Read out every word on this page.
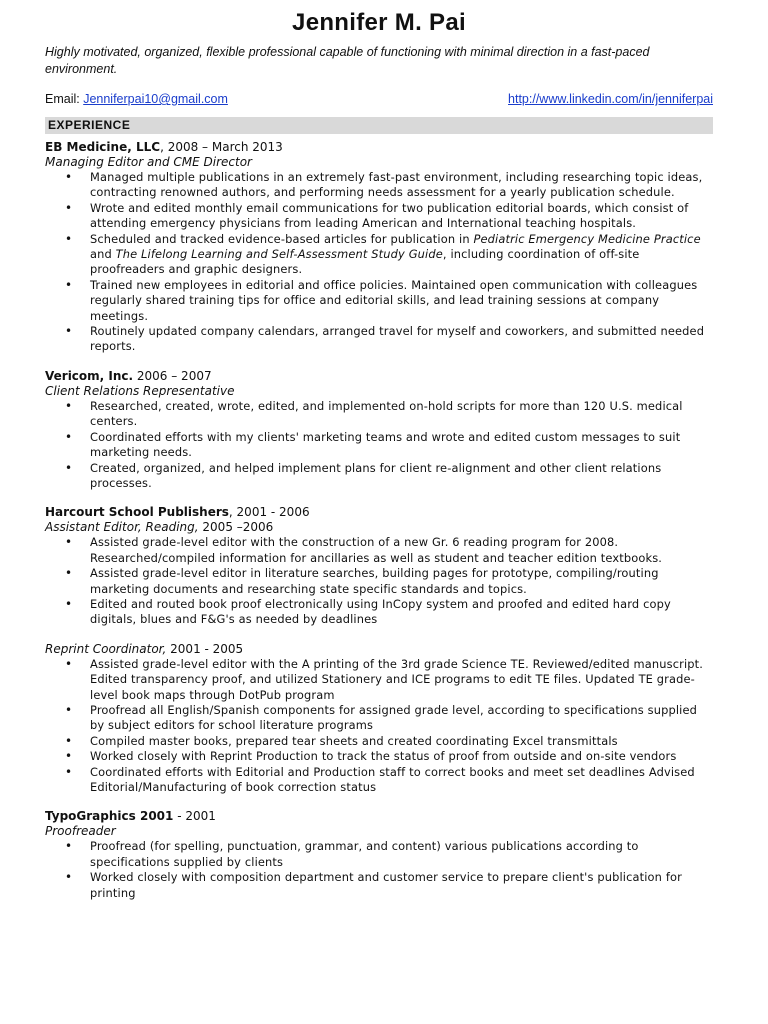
Jennifer M. Pai

Highly motivated, organized, flexible professional capable of functioning with minimal direction in a fast-paced environment.

Email: Jenniferpai10@gmail.com	http://www.linkedin.com/in/jenniferpai
EXPERIENCE
EB Medicine, LLC, 2008 – March 2013
Managing Editor and CME Director
• Managed multiple publications in an extremely fast-past environment, including researching topic ideas, contracting renowned authors, and performing needs assessment for a yearly publication schedule.
• Wrote and edited monthly email communications for two publication editorial boards, which consist of attending emergency physicians from leading American and International teaching hospitals.
• Scheduled and tracked evidence-based articles for publication in Pediatric Emergency Medicine Practice and The Lifelong Learning and Self-Assessment Study Guide, including coordination of off-site proofreaders and graphic designers.
• Trained new employees in editorial and office policies. Maintained open communication with colleagues regularly shared training tips for office and editorial skills, and lead training sessions at company meetings.
• Routinely updated company calendars, arranged travel for myself and coworkers, and submitted needed reports.
Vericom, Inc. 2006 – 2007
Client Relations Representative
• Researched, created, wrote, edited, and implemented on-hold scripts for more than 120 U.S. medical centers.
• Coordinated efforts with my clients' marketing teams and wrote and edited custom messages to suit marketing needs.
• Created, organized, and helped implement plans for client re-alignment and other client relations processes.
Harcourt School Publishers, 2001 - 2006
Assistant Editor, Reading, 2005 –2006
• Assisted grade-level editor with the construction of a new Gr. 6 reading program for 2008. Researched/compiled information for ancillaries as well as student and teacher edition textbooks.
• Assisted grade-level editor in literature searches, building pages for prototype, compiling/routing marketing documents and researching state specific standards and topics.
• Edited and routed book proof electronically using InCopy system and proofed and edited hard copy digitals, blues and F&G's as needed by deadlines
Reprint Coordinator, 2001 - 2005
• Assisted grade-level editor with the A printing of the 3rd grade Science TE. Reviewed/edited manuscript. Edited transparency proof, and utilized Stationery and ICE programs to edit TE files. Updated TE grade-level book maps through DotPub program
• Proofread all English/Spanish components for assigned grade level, according to specifications supplied by subject editors for school literature programs
• Compiled master books, prepared tear sheets and created coordinating Excel transmittals
• Worked closely with Reprint Production to track the status of proof from outside and on-site vendors
• Coordinated efforts with Editorial and Production staff to correct books and meet set deadlines Advised Editorial/Manufacturing of book correction status
TypoGraphics 2001 - 2001
Proofreader
• Proofread (for spelling, punctuation, grammar, and content) various publications according to specifications supplied by clients
• Worked closely with composition department and customer service to prepare client's publication for printing
